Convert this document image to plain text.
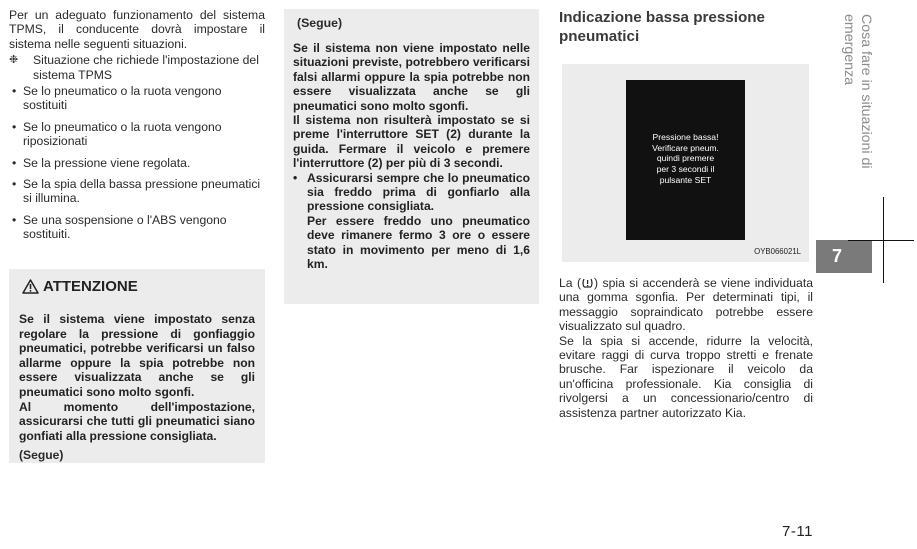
Per un adeguato funzionamento del sistema TPMS, il conducente dovrà impostare il sistema nelle seguenti situazioni.

❉	Situazione che richiede l'impostazione del sistema TPMS
• Se lo pneumatico o la ruota vengono sostituiti
• Se lo pneumatico o la ruota vengono riposizionati
• Se la pressione viene regolata.
• Se la spia della bassa pressione pneumatici si illumina.
• Se una sospensione o l'ABS vengono sostituiti.
ATTENZIONE

Se il sistema viene impostato senza regolare la pressione di gonfiaggio pneumatici, potrebbe verificarsi un falso allarme oppure la spia potrebbe non essere visualizzata anche se gli pneumatici sono molto sgonfi.

Al momento dell'impostazione, assicurarsi che tutti gli pneumatici siano gonfiati alla pressione consigliata.

(Segue)

(Segue)

Se il sistema non viene impostato nelle situazioni previste, potrebbero verificarsi falsi allarmi oppure la spia potrebbe non essere visualizzata anche se gli pneumatici sono molto sgonfi.

Il sistema non risulterà impostato se si preme l'interruttore SET (2) durante la guida. Fermare il veicolo e premere l'interruttore (2) per più di 3 secondi.

• Assicurarsi sempre che lo pneumatico sia freddo prima di gonfiarlo alla pressione consigliata.
Per essere freddo uno pneumatico deve rimanere fermo 3 ore o essere stato in movimento per meno di 1,6 km.
Indicazione bassa pressione pneumatici
Pressione bassa!
Verificare pneum.
quindi premere
per 3 secondi il
pulsante SET
OYB066021L

La ( ) spia si accenderà se viene individuata una gomma sgonfia. Per determinati tipi, il messaggio sopraindicato potrebbe essere visualizzato sul quadro.

Se la spia si accende, ridurre la velocità, evitare raggi di curva troppo stretti e frenate brusche. Far ispezionare il veicolo da un'officina professionale. Kia consiglia di rivolgersi a un concessionario/centro di assistenza partner autorizzato Kia.

Cosa fare in situazioni di emergenza
7
7-11
